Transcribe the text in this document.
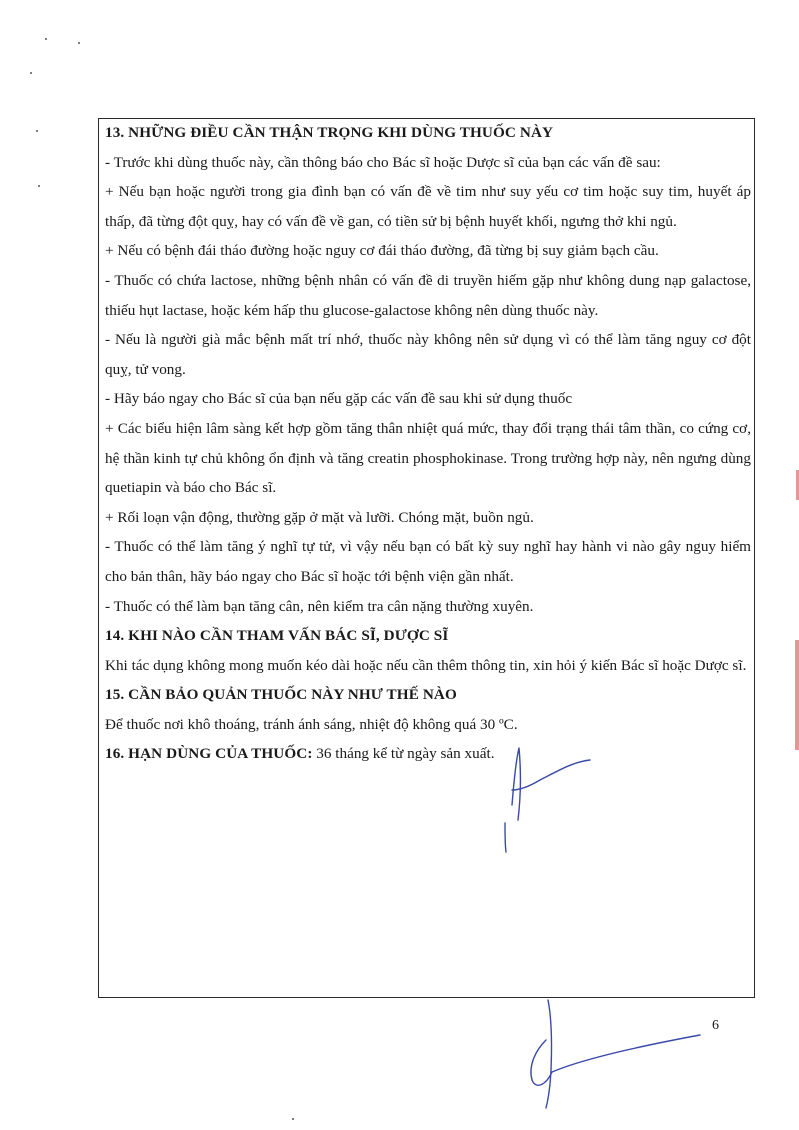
13. NHỮNG ĐIỀU CẦN THẬN TRỌNG KHI DÙNG THUỐC NÀY

- Trước khi dùng thuốc này, cần thông báo cho Bác sĩ hoặc Dược sĩ của bạn các vấn đề sau:

+ Nếu bạn hoặc người trong gia đình bạn có vấn đề về tim như suy yếu cơ tim hoặc suy tim, huyết áp thấp, đã từng đột quỵ, hay có vấn đề về gan, có tiền sử bị bệnh huyết khối, ngưng thở khi ngủ.

+ Nếu có bệnh đái tháo đường hoặc nguy cơ đái tháo đường, đã từng bị suy giảm bạch cầu.

- Thuốc có chứa lactose, những bệnh nhân có vấn đề di truyền hiếm gặp như không dung nạp galactose, thiếu hụt lactase, hoặc kém hấp thu glucose-galactose không nên dùng thuốc này.

- Nếu là người già mắc bệnh mất trí nhớ, thuốc này không nên sử dụng vì có thể làm tăng nguy cơ đột quỵ, tử vong.

- Hãy báo ngay cho Bác sĩ của bạn nếu gặp các vấn đề sau khi sử dụng thuốc

+ Các biểu hiện lâm sàng kết hợp gồm tăng thân nhiệt quá mức, thay đổi trạng thái tâm thần, co cứng cơ, hệ thần kinh tự chủ không ổn định và tăng creatin phosphokinase. Trong trường hợp này, nên ngưng dùng quetiapin và báo cho Bác sĩ.

+ Rối loạn vận động, thường gặp ở mặt và lưỡi. Chóng mặt, buồn ngủ.

- Thuốc có thể làm tăng ý nghĩ tự tử, vì vậy nếu bạn có bất kỳ suy nghĩ hay hành vi nào gây nguy hiểm cho bản thân, hãy báo ngay cho Bác sĩ hoặc tới bệnh viện gần nhất.

- Thuốc có thể làm bạn tăng cân, nên kiểm tra cân nặng thường xuyên.

14. KHI NÀO CẦN THAM VẤN BÁC SĨ, DƯỢC SĨ

Khi tác dụng không mong muốn kéo dài hoặc nếu cần thêm thông tin, xin hỏi ý kiến Bác sĩ hoặc Dược sĩ.

15. CẦN BẢO QUẢN THUỐC NÀY NHƯ THẾ NÀO

Để thuốc nơi khô thoáng, tránh ánh sáng, nhiệt độ không quá 30 ºC.

16. HẠN DÙNG CỦA THUỐC: 36 tháng kể từ ngày sản xuất.

6
